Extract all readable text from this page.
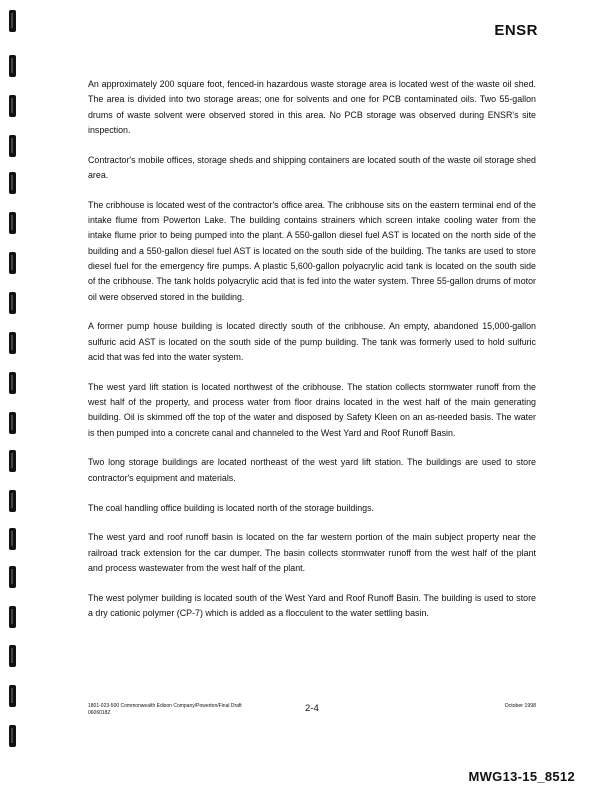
ENSR

An approximately 200 square foot, fenced-in hazardous waste storage area is located west of the waste oil shed. The area is divided into two storage areas; one for solvents and one for PCB contaminated oils. Two 55-gallon drums of waste solvent were observed stored in this area. No PCB storage was observed during ENSR's site inspection.

Contractor's mobile offices, storage sheds and shipping containers are located south of the waste oil storage shed area.

The cribhouse is located west of the contractor's office area. The cribhouse sits on the eastern terminal end of the intake flume from Powerton Lake. The building contains strainers which screen intake cooling water from the intake flume prior to being pumped into the plant. A 550-gallon diesel fuel AST is located on the north side of the building and a 550-gallon diesel fuel AST is located on the south side of the building. The tanks are used to store diesel fuel for the emergency fire pumps. A plastic 5,600-gallon polyacrylic acid tank is located on the south side of the cribhouse. The tank holds polyacrylic acid that is fed into the water system. Three 55-gallon drums of motor oil were observed stored in the building.

A former pump house building is located directly south of the cribhouse. An empty, abandoned 15,000-gallon sulfuric acid AST is located on the south side of the pump building. The tank was formerly used to hold sulfuric acid that was fed into the water system.

The west yard lift station is located northwest of the cribhouse. The station collects stormwater runoff from the west half of the property, and process water from floor drains located in the west half of the main generating building. Oil is skimmed off the top of the water and disposed by Safety Kleen on an as-needed basis. The water is then pumped into a concrete canal and channeled to the West Yard and Roof Runoff Basin.

Two long storage buildings are located northeast of the west yard lift station. The buildings are used to store contractor's equipment and materials.

The coal handling office building is located north of the storage buildings.

The west yard and roof runoff basin is located on the far western portion of the main subject property near the railroad track extension for the car dumper. The basin collects stormwater runoff from the west half of the plant and process wastewater from the west half of the plant.

The west polymer building is located south of the West Yard and Roof Runoff Basin. The building is used to store a dry cationic polymer (CP-7) which is added as a flocculent to the water settling basin.

1801-023-500 Commonwealth Edison Company/Powerton/Final Draft
0606018Z	2-4	October 1998
MWG13-15_8512
